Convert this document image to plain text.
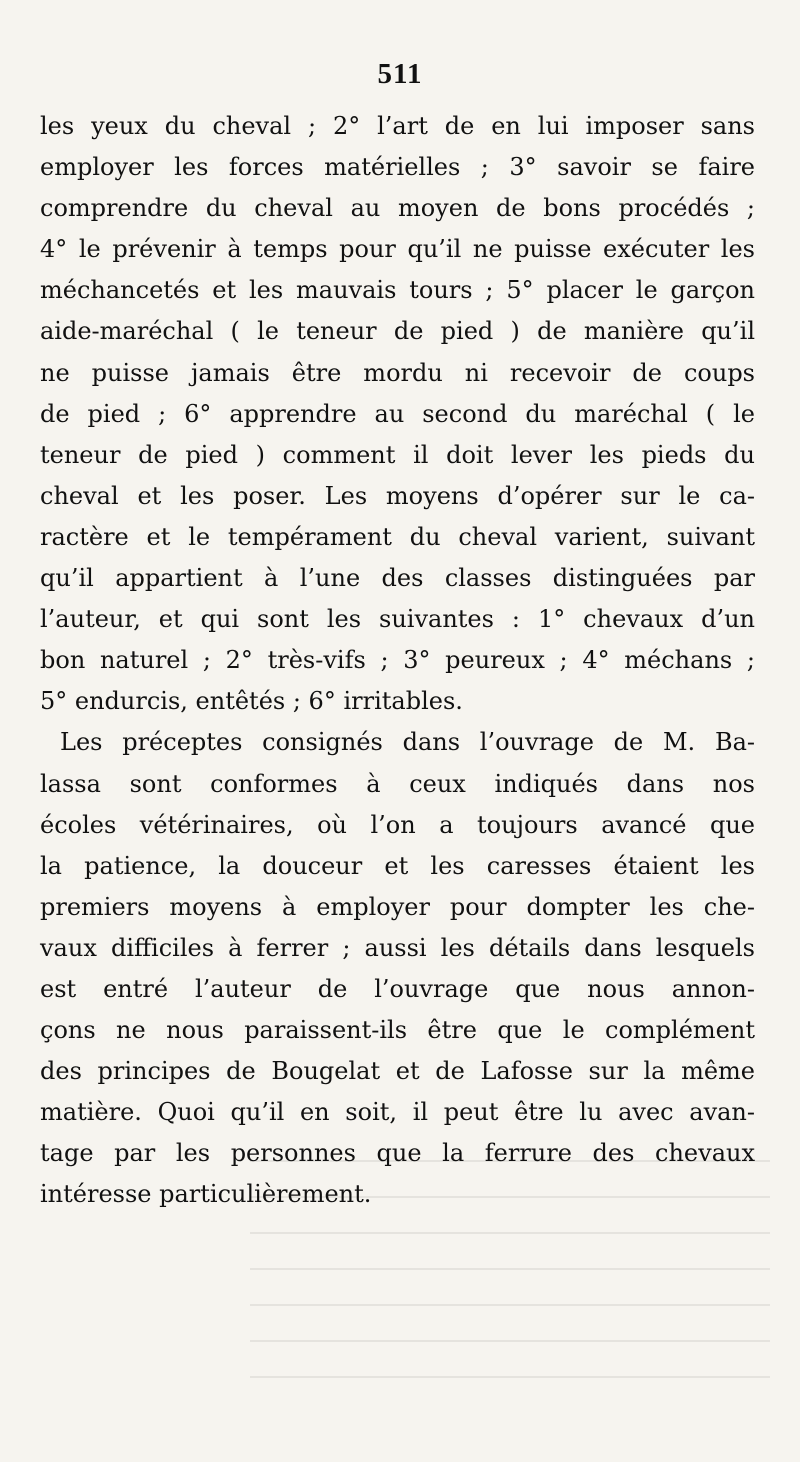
511
les yeux du cheval ; 2° l’art de en lui imposer sans
employer les forces matérielles ; 3° savoir se faire
comprendre du cheval au moyen de bons procédés ;
4° le prévenir à temps pour qu’il ne puisse exécuter les
méchancetés et les mauvais tours ; 5° placer le garçon
aide-maréchal ( le teneur de pied ) de manière qu’il
ne puisse jamais être mordu ni recevoir de coups
de pied ; 6° apprendre au second du maréchal ( le
teneur de pied ) comment il doit lever les pieds du
cheval et les poser. Les moyens d’opérer sur le ca-
ractère et le tempérament du cheval varient, suivant
qu’il appartient à l’une des classes distinguées par
l’auteur, et qui sont les suivantes : 1° chevaux d’un
bon naturel ; 2° très-vifs ; 3° peureux ; 4° méchans ;
5° endurcis, entêtés ; 6° irritables.
Les préceptes consignés dans l’ouvrage de M. Ba-
lassa sont conformes à ceux indiqués dans nos
écoles vétérinaires, où l’on a toujours avancé que
la patience, la douceur et les caresses étaient les
premiers moyens à employer pour dompter les che-
vaux difficiles à ferrer ; aussi les détails dans lesquels
est entré l’auteur de l’ouvrage que nous annon-
çons ne nous paraissent-ils être que le complément
des principes de Bougelat et de Lafosse sur la même
matière. Quoi qu’il en soit, il peut être lu avec avan-
tage par les personnes que la ferrure des chevaux
intéresse particulièrement.
